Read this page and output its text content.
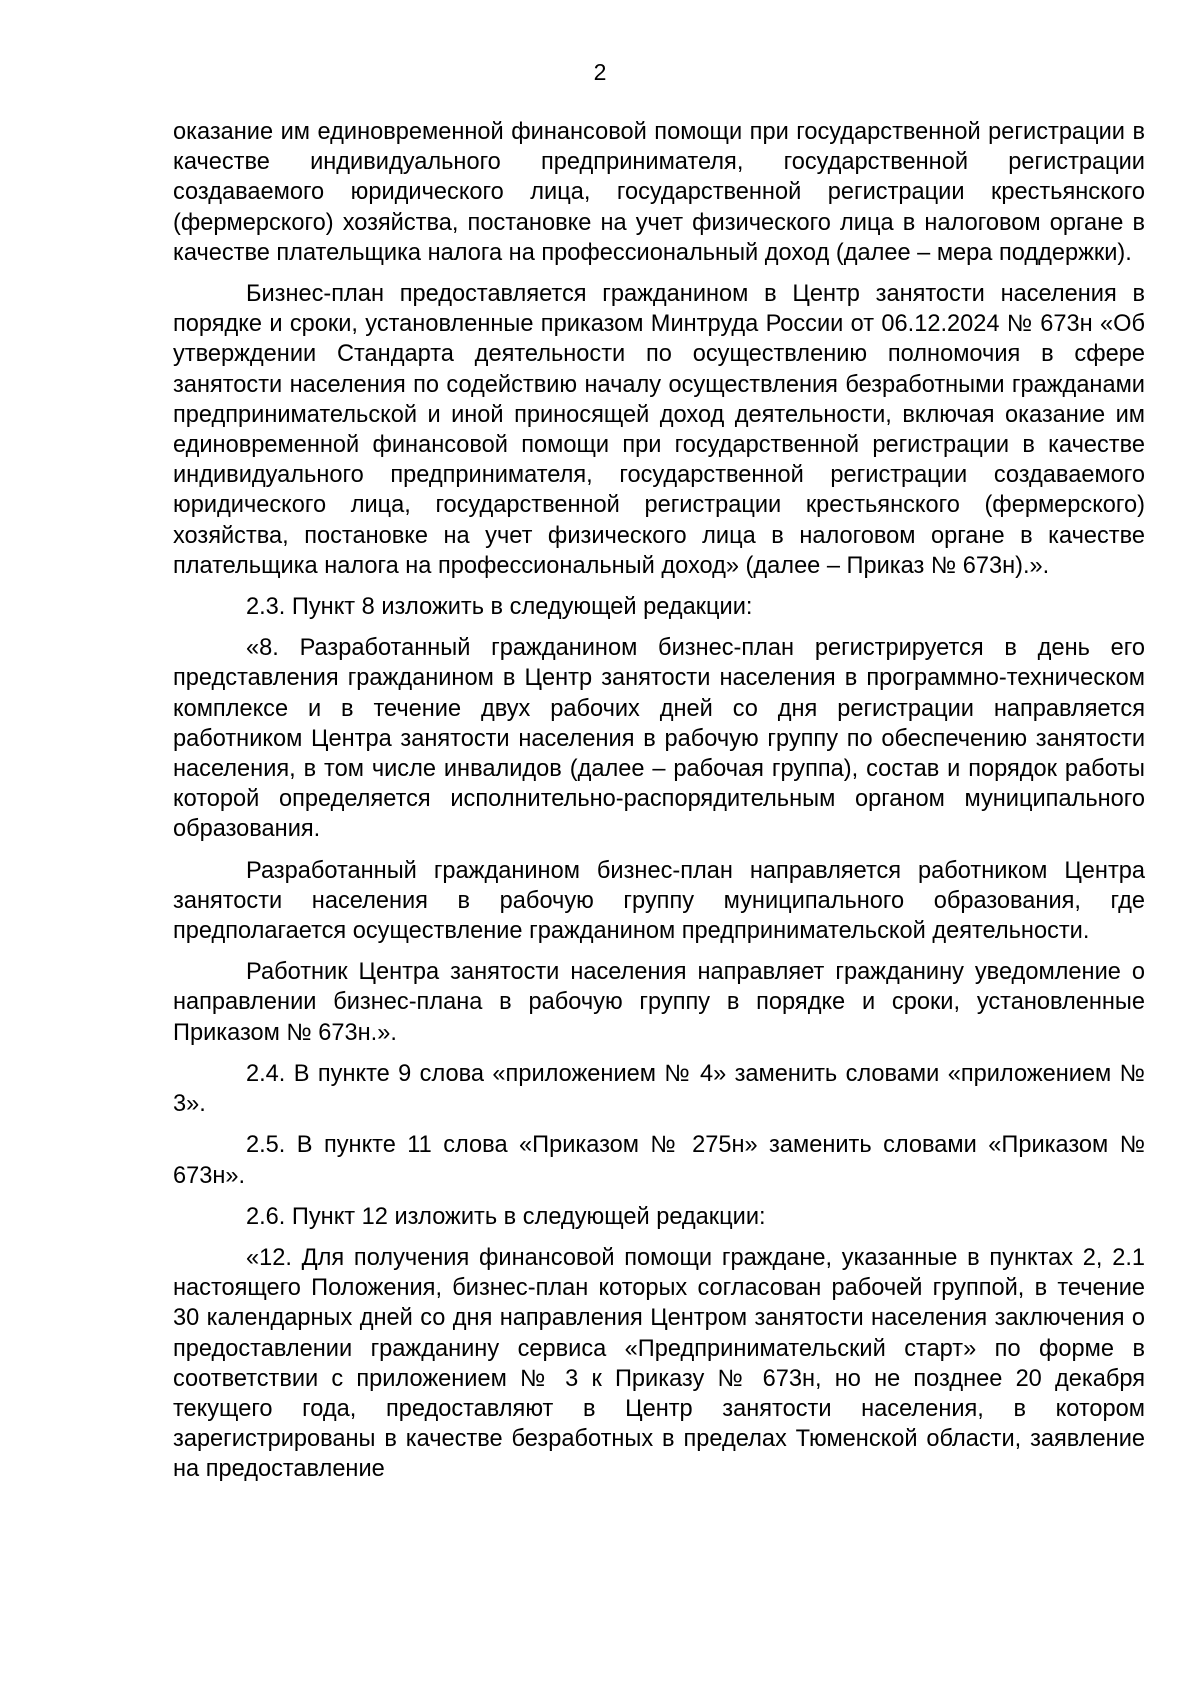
2

оказание им единовременной финансовой помощи при государственной регистрации в качестве индивидуального предпринимателя, государственной регистрации создаваемого юридического лица, государственной регистрации крестьянского (фермерского) хозяйства, постановке на учет физического лица в налоговом органе в качестве плательщика налога на профессиональный доход (далее – мера поддержки).

Бизнес-план предоставляется гражданином в Центр занятости населения в порядке и сроки, установленные приказом Минтруда России от 06.12.2024 № 673н «Об утверждении Стандарта деятельности по осуществлению полномочия в сфере занятости населения по содействию началу осуществления безработными гражданами предпринимательской и иной приносящей доход деятельности, включая оказание им единовременной финансовой помощи при государственной регистрации в качестве индивидуального предпринимателя, государственной регистрации создаваемого юридического лица, государственной регистрации крестьянского (фермерского) хозяйства, постановке на учет физического лица в налоговом органе в качестве плательщика налога на профессиональный доход» (далее – Приказ № 673н).».

2.3. Пункт 8 изложить в следующей редакции:

«8. Разработанный гражданином бизнес-план регистрируется в день его представления гражданином в Центр занятости населения в программно-техническом комплексе и в течение двух рабочих дней со дня регистрации направляется работником Центра занятости населения в рабочую группу по обеспечению занятости населения, в том числе инвалидов (далее – рабочая группа), состав и порядок работы которой определяется исполнительно-распорядительным органом муниципального образования.

Разработанный гражданином бизнес-план направляется работником Центра занятости населения в рабочую группу муниципального образования, где предполагается осуществление гражданином предпринимательской деятельности.

Работник Центра занятости населения направляет гражданину уведомление о направлении бизнес-плана в рабочую группу в порядке и сроки, установленные Приказом № 673н.».

2.4. В пункте 9 слова «приложением № 4» заменить словами «приложением № 3».

2.5. В пункте 11 слова «Приказом № 275н» заменить словами «Приказом № 673н».

2.6. Пункт 12 изложить в следующей редакции:

«12. Для получения финансовой помощи граждане, указанные в пунктах 2, 2.1 настоящего Положения, бизнес-план которых согласован рабочей группой, в течение 30 календарных дней со дня направления Центром занятости населения заключения о предоставлении гражданину сервиса «Предпринимательский старт» по форме в соответствии с приложением № 3 к Приказу № 673н, но не позднее 20 декабря текущего года, предоставляют в Центр занятости населения, в котором зарегистрированы в качестве безработных в пределах Тюменской области, заявление на предоставление
